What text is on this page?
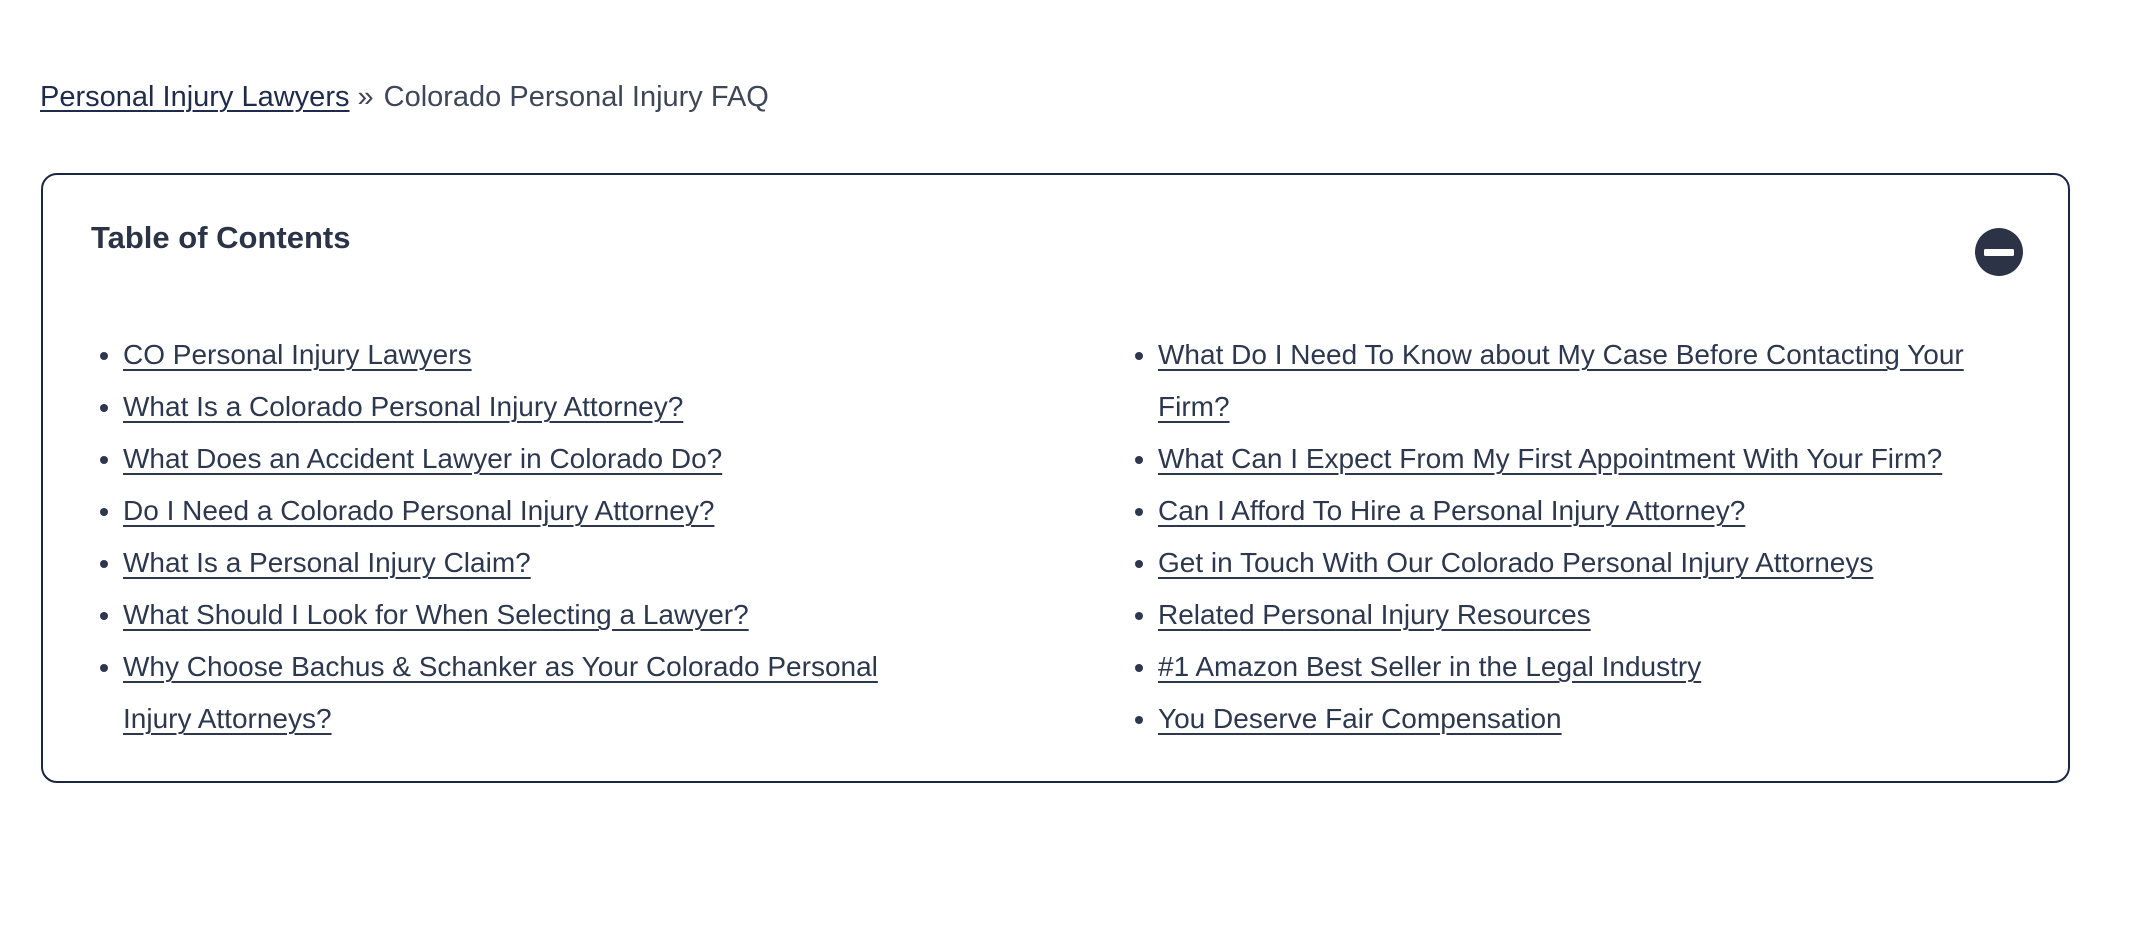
Personal Injury Lawyers » Colorado Personal Injury FAQ
Table of Contents
• CO Personal Injury Lawyers
• What Is a Colorado Personal Injury Attorney?
• What Does an Accident Lawyer in Colorado Do?
• Do I Need a Colorado Personal Injury Attorney?
• What Is a Personal Injury Claim?
• What Should I Look for When Selecting a Lawyer?
• Why Choose Bachus & Schanker as Your Colorado Personal Injury Attorneys?
• What Do I Need To Know about My Case Before Contacting Your Firm?
• What Can I Expect From My First Appointment With Your Firm?
• Can I Afford To Hire a Personal Injury Attorney?
• Get in Touch With Our Colorado Personal Injury Attorneys
• Related Personal Injury Resources
• #1 Amazon Best Seller in the Legal Industry
• You Deserve Fair Compensation
